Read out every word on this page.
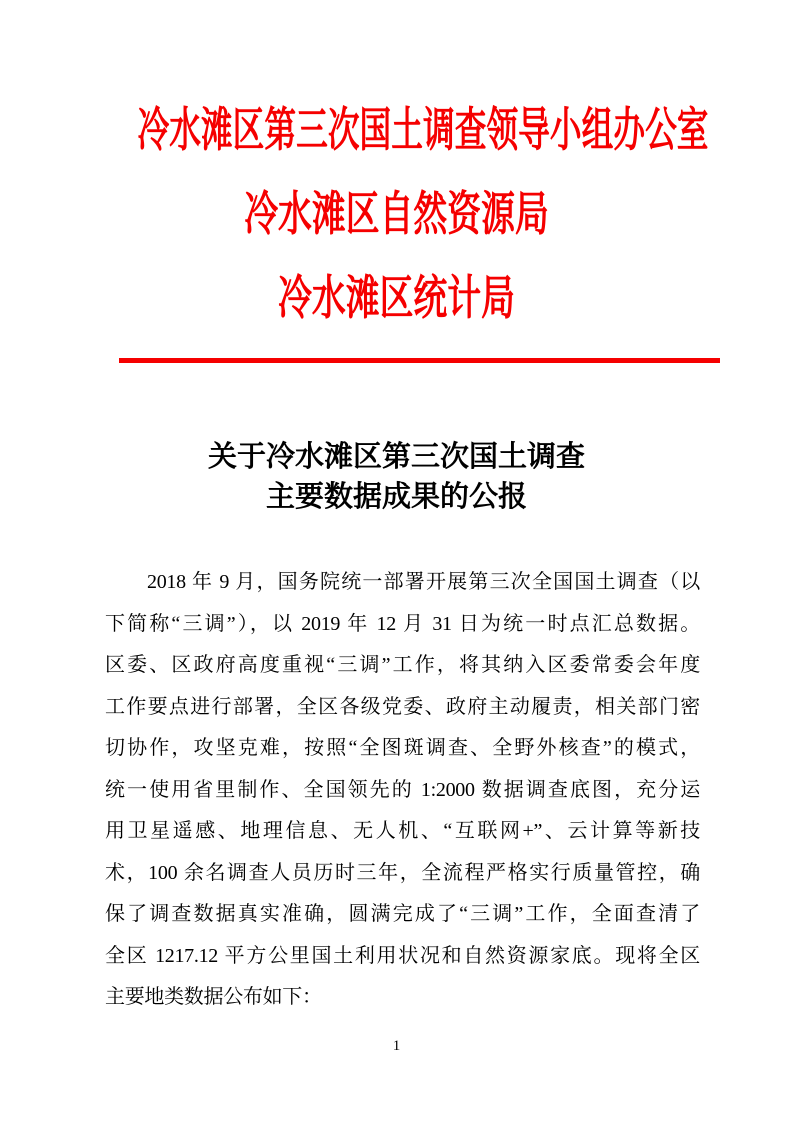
冷水滩区第三次国土调查领导小组办公室
冷水滩区自然资源局
冷水滩区统计局
关于冷水滩区第三次国土调查
主要数据成果的公报
2018 年 9 月，国务院统一部署开展第三次全国国土调查（以
下简称“三调”），以 2019 年 12 月 31 日为统一时点汇总数据。
区委、区政府高度重视“三调”工作，将其纳入区委常委会年度
工作要点进行部署，全区各级党委、政府主动履责，相关部门密
切协作，攻坚克难，按照“全图斑调查、全野外核查”的模式，
统一使用省里制作、全国领先的 1:2000 数据调查底图，充分运
用卫星遥感、地理信息、无人机、“互联网+”、云计算等新技
术，100 余名调查人员历时三年，全流程严格实行质量管控，确
保了调查数据真实准确，圆满完成了“三调”工作，全面查清了
全区 1217.12 平方公里国土利用状况和自然资源家底。现将全区
主要地类数据公布如下：
1
